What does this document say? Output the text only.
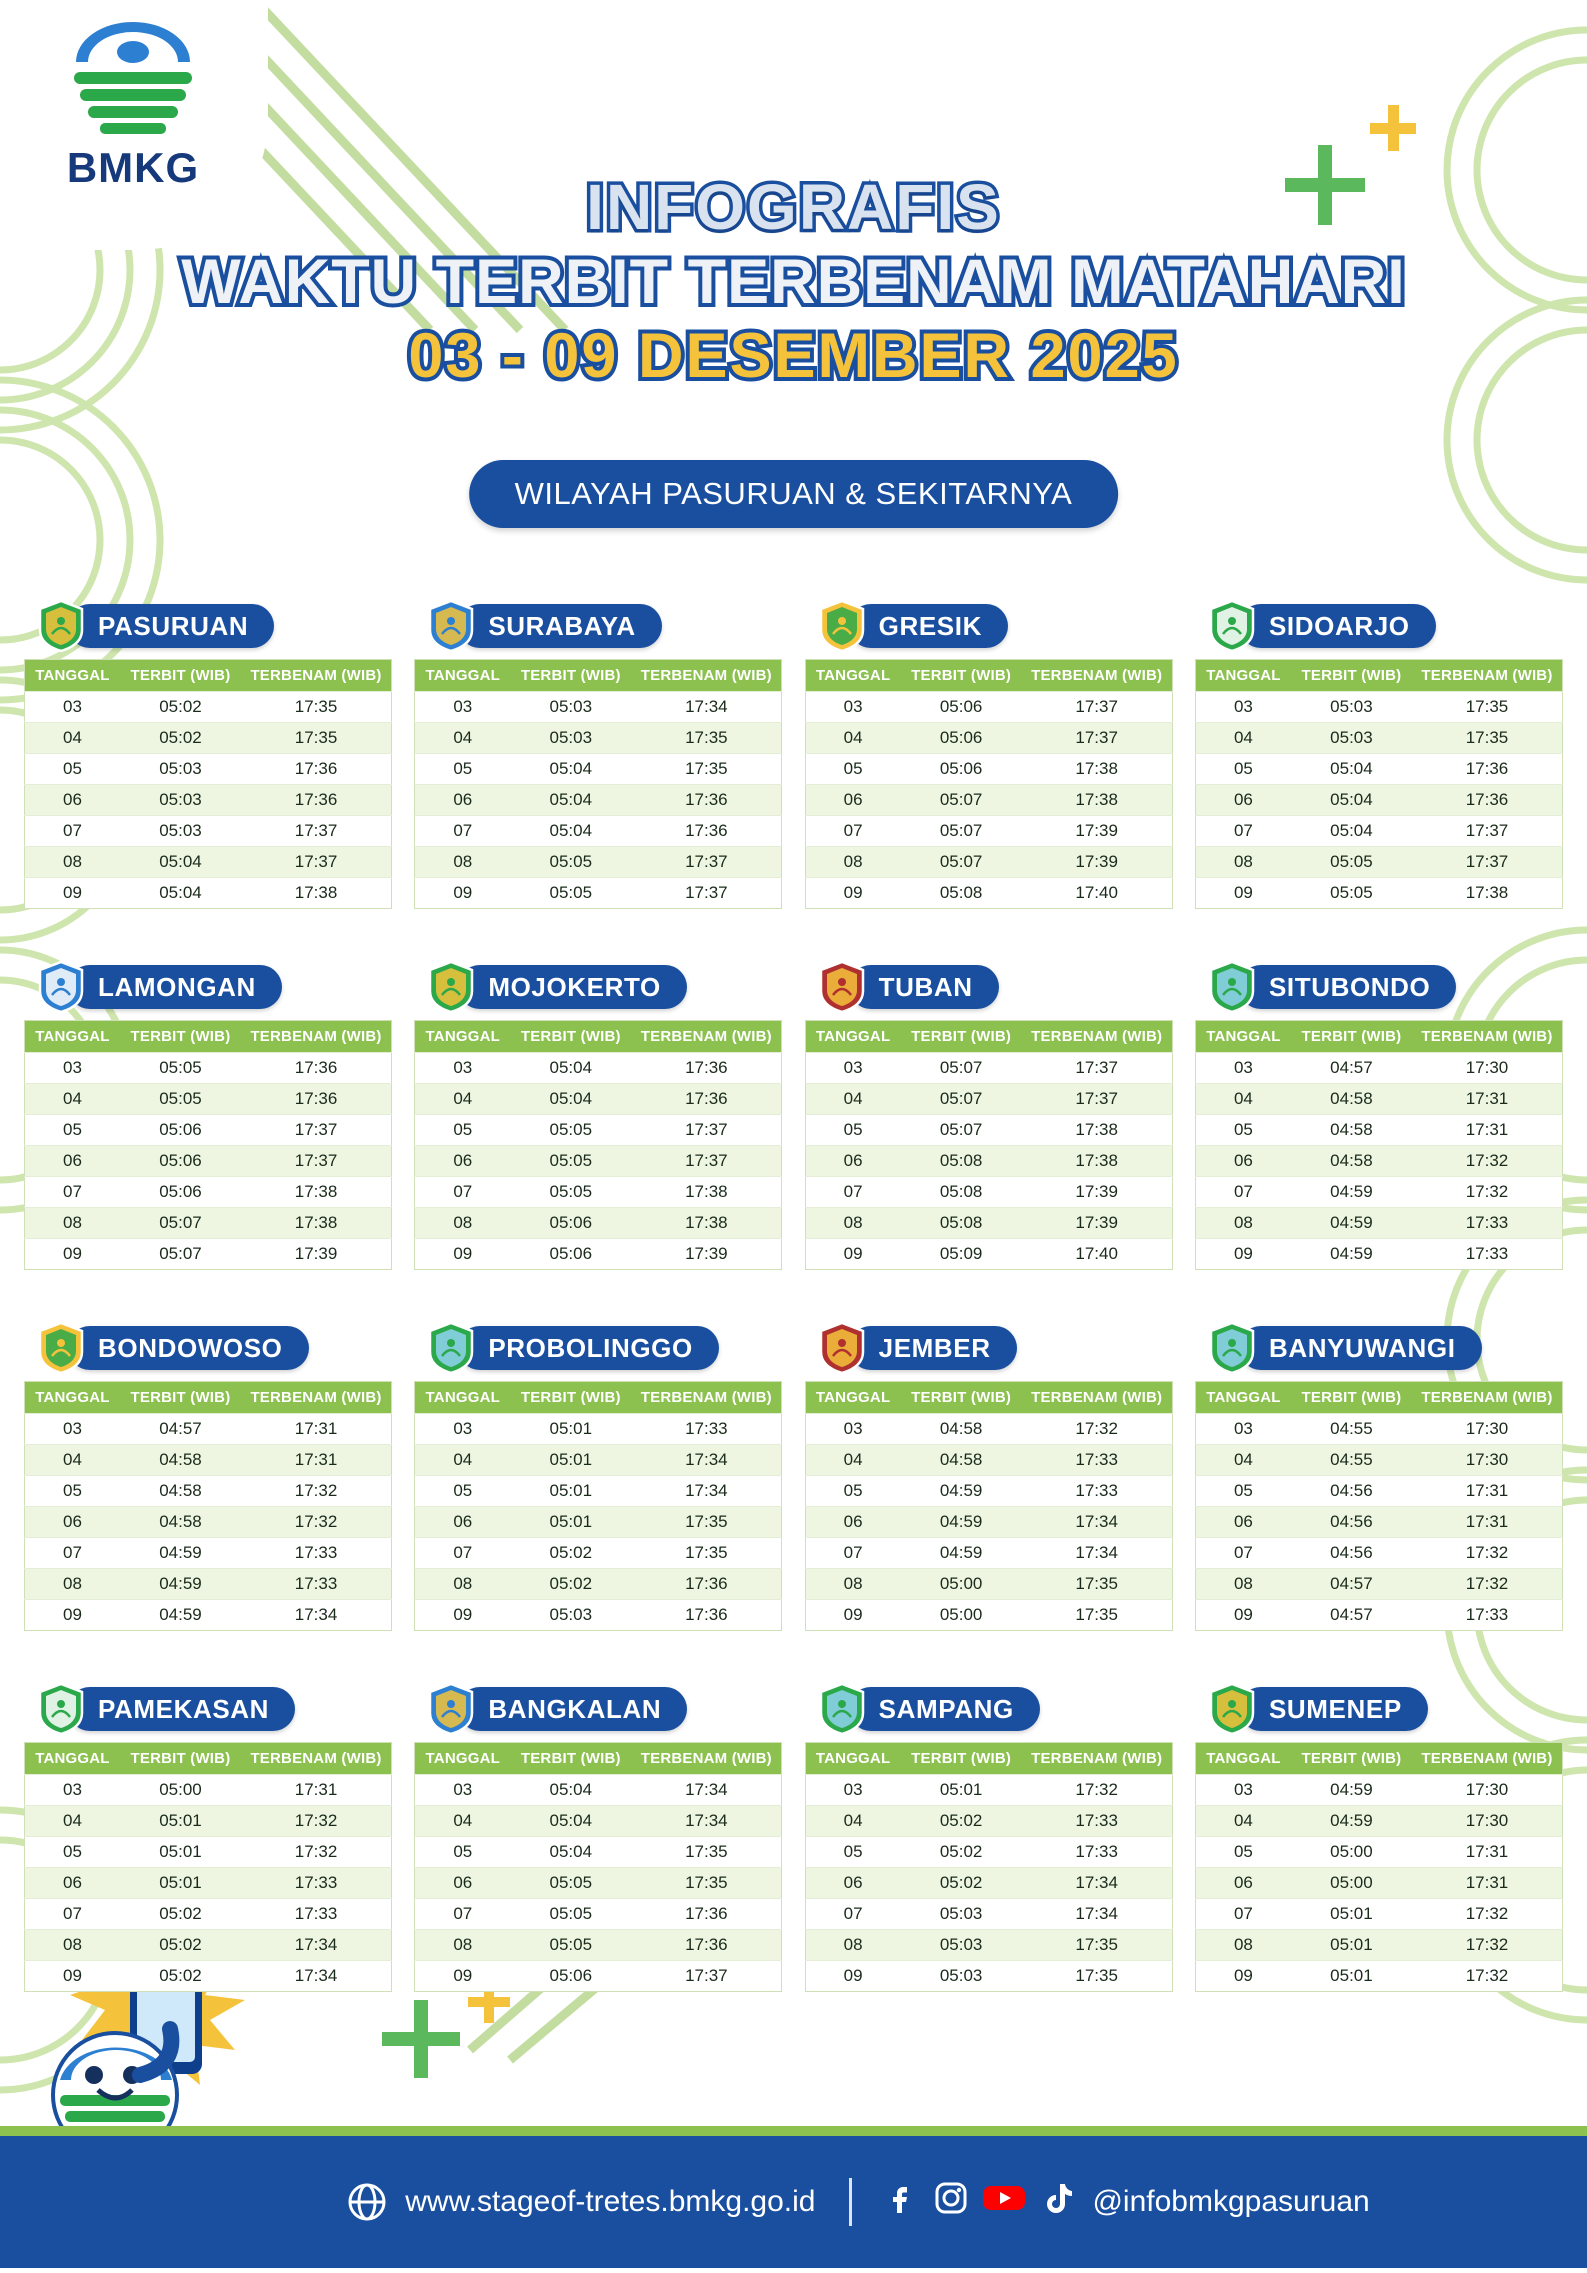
BMKG
INFOGRAFIS
WAKTU TERBIT TERBENAM MATAHARI
03 - 09 DESEMBER 2025
WILAYAH PASURUAN & SEKITARNYA
PASURUAN
TANGGAL	TERBIT (WIB)	TERBENAM (WIB)
03	05:02	17:35
04	05:02	17:35
05	05:03	17:36
06	05:03	17:36
07	05:03	17:37
08	05:04	17:37
09	05:04	17:38
SURABAYA
TANGGAL	TERBIT (WIB)	TERBENAM (WIB)
03	05:03	17:34
04	05:03	17:35
05	05:04	17:35
06	05:04	17:36
07	05:04	17:36
08	05:05	17:37
09	05:05	17:37
GRESIK
TANGGAL	TERBIT (WIB)	TERBENAM (WIB)
03	05:06	17:37
04	05:06	17:37
05	05:06	17:38
06	05:07	17:38
07	05:07	17:39
08	05:07	17:39
09	05:08	17:40
SIDOARJO
TANGGAL	TERBIT (WIB)	TERBENAM (WIB)
03	05:03	17:35
04	05:03	17:35
05	05:04	17:36
06	05:04	17:36
07	05:04	17:37
08	05:05	17:37
09	05:05	17:38
LAMONGAN
TANGGAL	TERBIT (WIB)	TERBENAM (WIB)
03	05:05	17:36
04	05:05	17:36
05	05:06	17:37
06	05:06	17:37
07	05:06	17:38
08	05:07	17:38
09	05:07	17:39
MOJOKERTO
TANGGAL	TERBIT (WIB)	TERBENAM (WIB)
03	05:04	17:36
04	05:04	17:36
05	05:05	17:37
06	05:05	17:37
07	05:05	17:38
08	05:06	17:38
09	05:06	17:39
TUBAN
TANGGAL	TERBIT (WIB)	TERBENAM (WIB)
03	05:07	17:37
04	05:07	17:37
05	05:07	17:38
06	05:08	17:38
07	05:08	17:39
08	05:08	17:39
09	05:09	17:40
SITUBONDO
TANGGAL	TERBIT (WIB)	TERBENAM (WIB)
03	04:57	17:30
04	04:58	17:31
05	04:58	17:31
06	04:58	17:32
07	04:59	17:32
08	04:59	17:33
09	04:59	17:33
BONDOWOSO
TANGGAL	TERBIT (WIB)	TERBENAM (WIB)
03	04:57	17:31
04	04:58	17:31
05	04:58	17:32
06	04:58	17:32
07	04:59	17:33
08	04:59	17:33
09	04:59	17:34
PROBOLINGGO
TANGGAL	TERBIT (WIB)	TERBENAM (WIB)
03	05:01	17:33
04	05:01	17:34
05	05:01	17:34
06	05:01	17:35
07	05:02	17:35
08	05:02	17:36
09	05:03	17:36
JEMBER
TANGGAL	TERBIT (WIB)	TERBENAM (WIB)
03	04:58	17:32
04	04:58	17:33
05	04:59	17:33
06	04:59	17:34
07	04:59	17:34
08	05:00	17:35
09	05:00	17:35
BANYUWANGI
TANGGAL	TERBIT (WIB)	TERBENAM (WIB)
03	04:55	17:30
04	04:55	17:30
05	04:56	17:31
06	04:56	17:31
07	04:56	17:32
08	04:57	17:32
09	04:57	17:33
PAMEKASAN
TANGGAL	TERBIT (WIB)	TERBENAM (WIB)
03	05:00	17:31
04	05:01	17:32
05	05:01	17:32
06	05:01	17:33
07	05:02	17:33
08	05:02	17:34
09	05:02	17:34
BANGKALAN
TANGGAL	TERBIT (WIB)	TERBENAM (WIB)
03	05:04	17:34
04	05:04	17:34
05	05:04	17:35
06	05:05	17:35
07	05:05	17:36
08	05:05	17:36
09	05:06	17:37
SAMPANG
TANGGAL	TERBIT (WIB)	TERBENAM (WIB)
03	05:01	17:32
04	05:02	17:33
05	05:02	17:33
06	05:02	17:34
07	05:03	17:34
08	05:03	17:35
09	05:03	17:35
SUMENEP
TANGGAL	TERBIT (WIB)	TERBENAM (WIB)
03	04:59	17:30
04	04:59	17:30
05	05:00	17:31
06	05:00	17:31
07	05:01	17:32
08	05:01	17:32
09	05:01	17:32
www.stageof-tretes.bmkg.go.id	@infobmkgpasuruan
